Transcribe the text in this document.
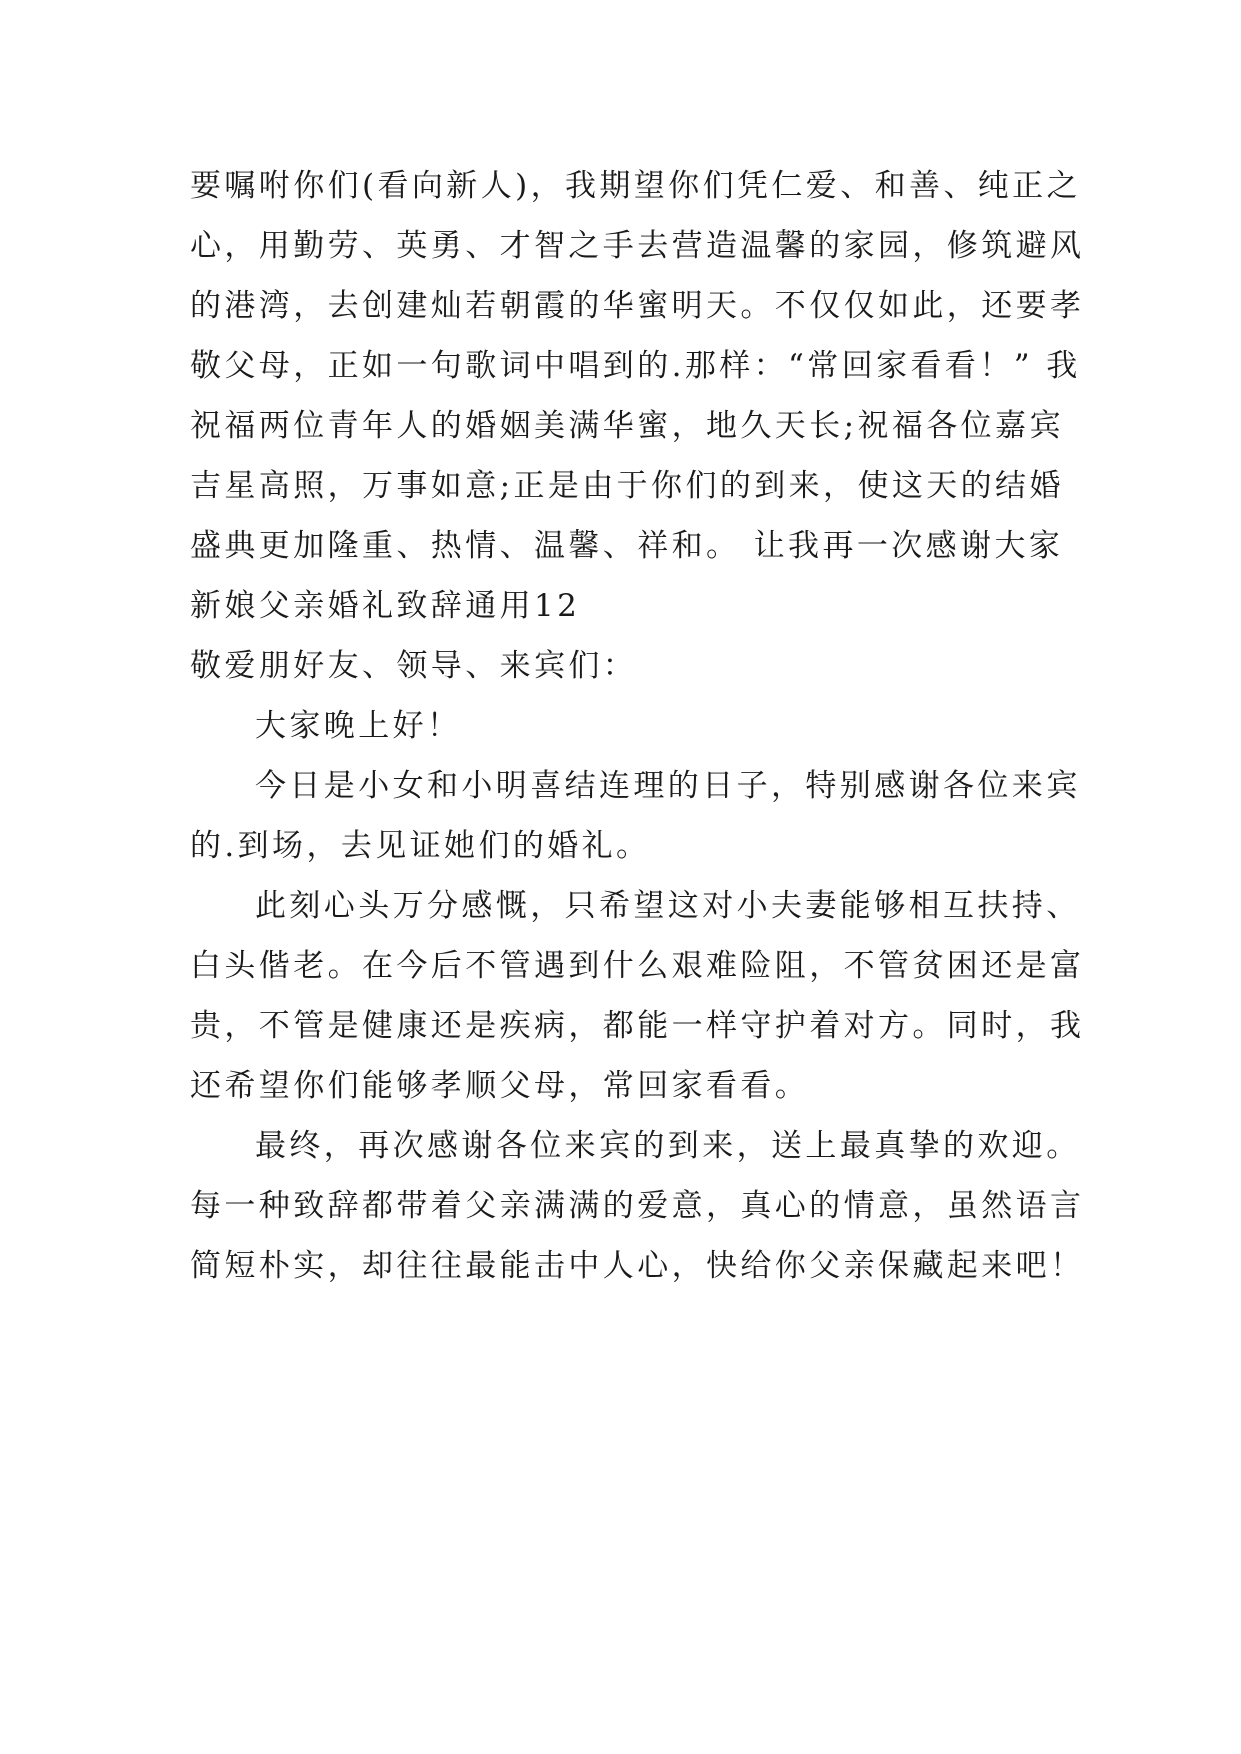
要嘱咐你们(看向新人)，我期望你们凭仁爱、和善、纯正之
心，用勤劳、英勇、才智之手去营造温馨的家园，修筑避风
的港湾，去创建灿若朝霞的华蜜明天。不仅仅如此，还要孝
敬父母，正如一句歌词中唱到的.那样：“常回家看看！” 我
祝福两位青年人的婚姻美满华蜜，地久天长;祝福各位嘉宾
吉星高照，万事如意;正是由于你们的到来，使这天的结婚
盛典更加隆重、热情、温馨、祥和。 让我再一次感谢大家
新娘父亲婚礼致辞通用12
敬爱朋好友、领导、来宾们：
大家晚上好！
今日是小女和小明喜结连理的日子，特别感谢各位来宾
的.到场，去见证她们的婚礼。
此刻心头万分感慨，只希望这对小夫妻能够相互扶持、
白头偕老。在今后不管遇到什么艰难险阻，不管贫困还是富
贵，不管是健康还是疾病，都能一样守护着对方。同时，我
还希望你们能够孝顺父母，常回家看看。
最终，再次感谢各位来宾的到来，送上最真挚的欢迎。
每一种致辞都带着父亲满满的爱意，真心的情意，虽然语言
简短朴实，却往往最能击中人心，快给你父亲保藏起来吧！
